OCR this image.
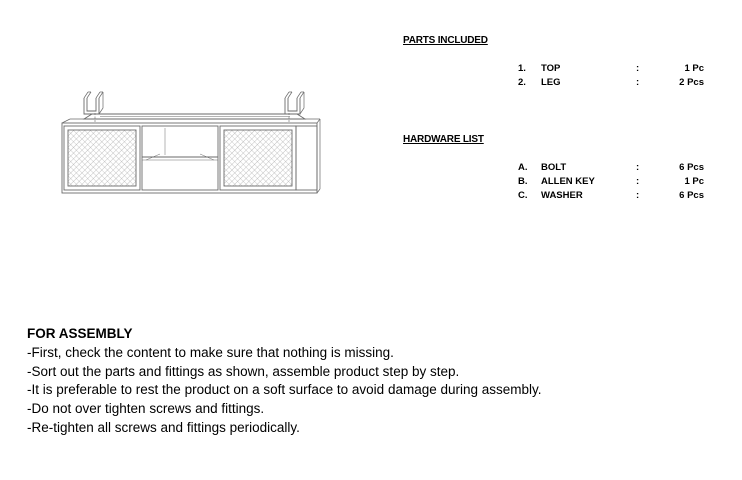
PARTS INCLUDED
1. TOP	:	1 Pc
2. LEG	:	2 Pcs
HARDWARE LIST
A. BOLT	:	6 Pcs
B. ALLEN KEY	:	1 Pc
C. WASHER	:	6 Pcs
FOR ASSEMBLY
-First, check the content to make sure that nothing is missing.
-Sort out the parts and fittings as shown, assemble product step by step.
-It is preferable to rest the product on a soft surface to avoid damage during assembly.
-Do not over tighten screws and fittings.
-Re-tighten all screws and fittings periodically.
